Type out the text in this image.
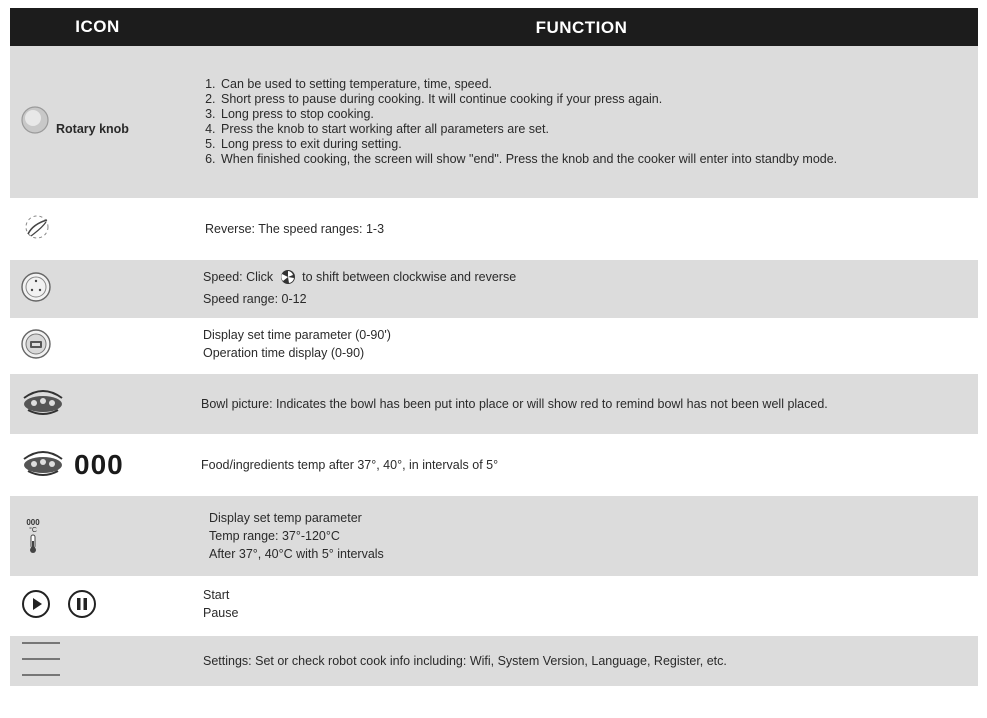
ICON	FUNCTION
Rotary knob
1. Can be used to setting temperature, time, speed.
2. Short press to pause during cooking. It will continue cooking if your press again.
3. Long press to stop cooking.
4. Press the knob to start working after all parameters are set.
5. Long press to exit during setting.
6. When finished cooking, the screen will show "end". Press the knob and the cooker will enter into standby mode.
Reverse: The speed ranges: 1-3
Speed: Click to shift between clockwise and reverse
Speed range: 0-12
Display set time parameter (0-90')
Operation time display (0-90)
Bowl picture: Indicates the bowl has been put into place or will show red to remind bowl has not been well placed.
000	Food/ingredients temp after 37°, 40°, in intervals of 5°
000
°C
Display set temp parameter
Temp range: 37°-120°C
After 37°, 40°C with 5° intervals
Start
Pause
Settings: Set or check robot cook info including: Wifi, System Version, Language, Register, etc.
